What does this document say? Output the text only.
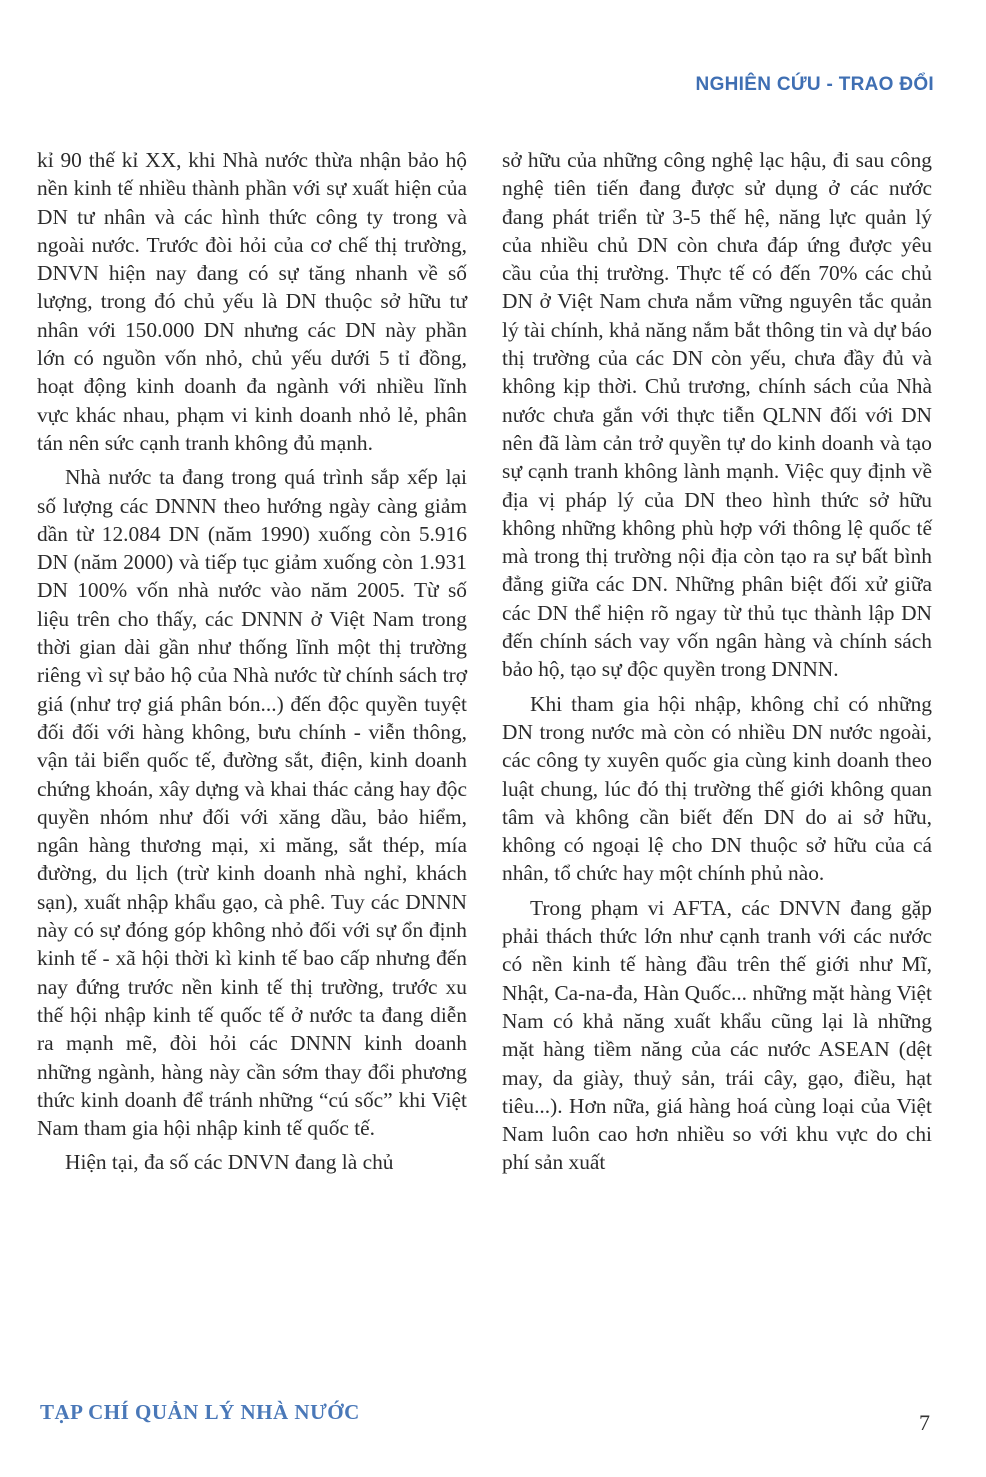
NGHIÊN CỨU - TRAO ĐỔI

kỉ 90 thế kỉ XX, khi Nhà nước thừa nhận bảo hộ nền kinh tế nhiều thành phần với sự xuất hiện của DN tư nhân và các hình thức công ty trong và ngoài nước. Trước đòi hỏi của cơ chế thị trường, DNVN hiện nay đang có sự tăng nhanh về số lượng, trong đó chủ yếu là DN thuộc sở hữu tư nhân với 150.000 DN nhưng các DN này phần lớn có nguồn vốn nhỏ, chủ yếu dưới 5 tỉ đồng, hoạt động kinh doanh đa ngành với nhiều lĩnh vực khác nhau, phạm vi kinh doanh nhỏ lẻ, phân tán nên sức cạnh tranh không đủ mạnh.

Nhà nước ta đang trong quá trình sắp xếp lại số lượng các DNNN theo hướng ngày càng giảm dần từ 12.084 DN (năm 1990) xuống còn 5.916 DN (năm 2000) và tiếp tục giảm xuống còn 1.931 DN 100% vốn nhà nước vào năm 2005. Từ số liệu trên cho thấy, các DNNN ở Việt Nam trong thời gian dài gần như thống lĩnh một thị trường riêng vì sự bảo hộ của Nhà nước từ chính sách trợ giá (như trợ giá phân bón...) đến độc quyền tuyệt đối đối với hàng không, bưu chính - viễn thông, vận tải biển quốc tế, đường sắt, điện, kinh doanh chứng khoán, xây dựng và khai thác cảng hay độc quyền nhóm như đối với xăng dầu, bảo hiểm, ngân hàng thương mại, xi măng, sắt thép, mía đường, du lịch (trừ kinh doanh nhà nghỉ, khách sạn), xuất nhập khẩu gạo, cà phê. Tuy các DNNN này có sự đóng góp không nhỏ đối với sự ổn định kinh tế - xã hội thời kì kinh tế bao cấp nhưng đến nay đứng trước nền kinh tế thị trường, trước xu thế hội nhập kinh tế quốc tế ở nước ta đang diễn ra mạnh mẽ, đòi hỏi các DNNN kinh doanh những ngành, hàng này cần sớm thay đổi phương thức kinh doanh để tránh những “cú sốc” khi Việt Nam tham gia hội nhập kinh tế quốc tế.

Hiện tại, đa số các DNVN đang là chủ

sở hữu của những công nghệ lạc hậu, đi sau công nghệ tiên tiến đang được sử dụng ở các nước đang phát triển từ 3-5 thế hệ, năng lực quản lý của nhiều chủ DN còn chưa đáp ứng được yêu cầu của thị trường. Thực tế có đến 70% các chủ DN ở Việt Nam chưa nắm vững nguyên tắc quản lý tài chính, khả năng nắm bắt thông tin và dự báo thị trường của các DN còn yếu, chưa đầy đủ và không kịp thời. Chủ trương, chính sách của Nhà nước chưa gắn với thực tiễn QLNN đối với DN nên đã làm cản trở quyền tự do kinh doanh và tạo sự cạnh tranh không lành mạnh. Việc quy định về địa vị pháp lý của DN theo hình thức sở hữu không những không phù hợp với thông lệ quốc tế mà trong thị trường nội địa còn tạo ra sự bất bình đẳng giữa các DN. Những phân biệt đối xử giữa các DN thể hiện rõ ngay từ thủ tục thành lập DN đến chính sách vay vốn ngân hàng và chính sách bảo hộ, tạo sự độc quyền trong DNNN.

Khi tham gia hội nhập, không chỉ có những DN trong nước mà còn có nhiều DN nước ngoài, các công ty xuyên quốc gia cùng kinh doanh theo luật chung, lúc đó thị trường thế giới không quan tâm và không cần biết đến DN do ai sở hữu, không có ngoại lệ cho DN thuộc sở hữu của cá nhân, tổ chức hay một chính phủ nào.

Trong phạm vi AFTA, các DNVN đang gặp phải thách thức lớn như cạnh tranh với các nước có nền kinh tế hàng đầu trên thế giới như Mĩ, Nhật, Ca-na-đa, Hàn Quốc... những mặt hàng Việt Nam có khả năng xuất khẩu cũng lại là những mặt hàng tiềm năng của các nước ASEAN (dệt may, da giày, thuỷ sản, trái cây, gạo, điều, hạt tiêu...). Hơn nữa, giá hàng hoá cùng loại của Việt Nam luôn cao hơn nhiều so với khu vực do chi phí sản xuất

TẠP CHÍ QUẢN LÝ NHÀ NƯỚC	7
